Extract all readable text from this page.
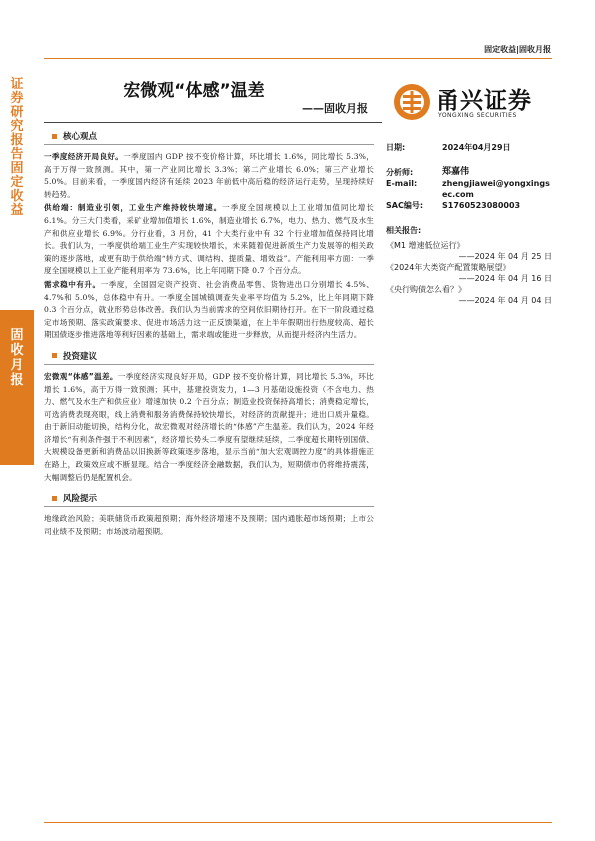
固定收益|固收月报
证券研究报告 固定收益
固收月报
宏微观“体感”温差
——固收月报	甬兴证券
YONGXING SECURITIES
核心观点

一季度经济开局良好。一季度国内 GDP 按不变价格计算，环比增长 1.6%，同比增长 5.3%，高于万得一致预测。其中，第一产业同比增长 3.3%；第二产业增长 6.0%；第三产业增长 5.0%。目前来看，一季度国内经济有延续 2023 年前低中高后稳的经济运行走势，呈现持续好转趋势。

供给端：制造业引领，工业生产维持较快增速。一季度全国规模以上工业增加值同比增长 6.1%。分三大门类看，采矿业增加值增长 1.6%，制造业增长 6.7%，电力、热力、燃气及水生产和供应业增长 6.9%。分行业看，3 月份，41 个大类行业中有 32 个行业增加值保持同比增长。我们认为，一季度供给端工业生产实现较快增长，未来随着促进新质生产力发展等的相关政策的逐步落地，或更有助于供给端“转方式、调结构、提质量、增效益”。产能利用率方面：一季度全国规模以上工业产能利用率为 73.6%，比上年同期下降 0.7 个百分点。

需求稳中有升。一季度，全国固定资产投资、社会消费品零售、货物进出口分别增长 4.5%、4.7%和 5.0%，总体稳中有升。一季度全国城镇调查失业率平均值为 5.2%，比上年同期下降 0.3 个百分点，就业形势总体改善。我们认为当前需求的空间依旧期待打开。在下一阶段通过稳定市场预期、落实政策要求、促进市场活力这一正反馈渠道，在上半年假期出行热度较高、超长期国债逐步推进落地等利好因素的基础上，需求端或能进一步释放，从而提升经济内生活力。

投资建议

宏微观“体感”温差。一季度经济实现良好开局，GDP 按不变价格计算，同比增长 5.3%，环比增长 1.6%，高于万得一致预测；其中，基建投资发力，1—3 月基础设施投资（不含电力、热力、燃气及水生产和供应业）增速加快 0.2 个百分点；制造业投资保持高增长；消费稳定增长，可选消费表现亮眼，线上消费和服务消费保持较快增长，对经济的贡献提升；进出口质升量稳。由于新旧动能切换，结构分化，故宏微观对经济增长的“体感”产生温差。我们认为，2024 年经济增长“有利条件强于不利因素”，经济增长势头二季度有望继续延续，二季度超长期特别国债、大规模设备更新和消费品以旧换新等政策逐步落地，显示当前“加大宏观调控力度”的具体措施正在路上，政策效应或不断显现。结合一季度经济金融数据，我们认为，短期债市仍将维持震荡，大幅调整后仍是配置机会。

风险提示

地缘政治风险；美联储货币政策超预期；海外经济增速不及预期；国内通胀超市场预期；上市公司业绩不及预期；市场波动超预期。

日期:	2024年04月29日
分析师:	郑嘉伟
E-mail:	zhengjiawei@yongxingsec.com
SAC编号:	S1760523080003
相关报告:
《M1 增速低位运行》
——2024 年 04 月 25 日
《2024年大类资产配置策略展望》
——2024 年 04 月 16 日
《央行购债怎么看？》
——2024 年 04 月 04 日
